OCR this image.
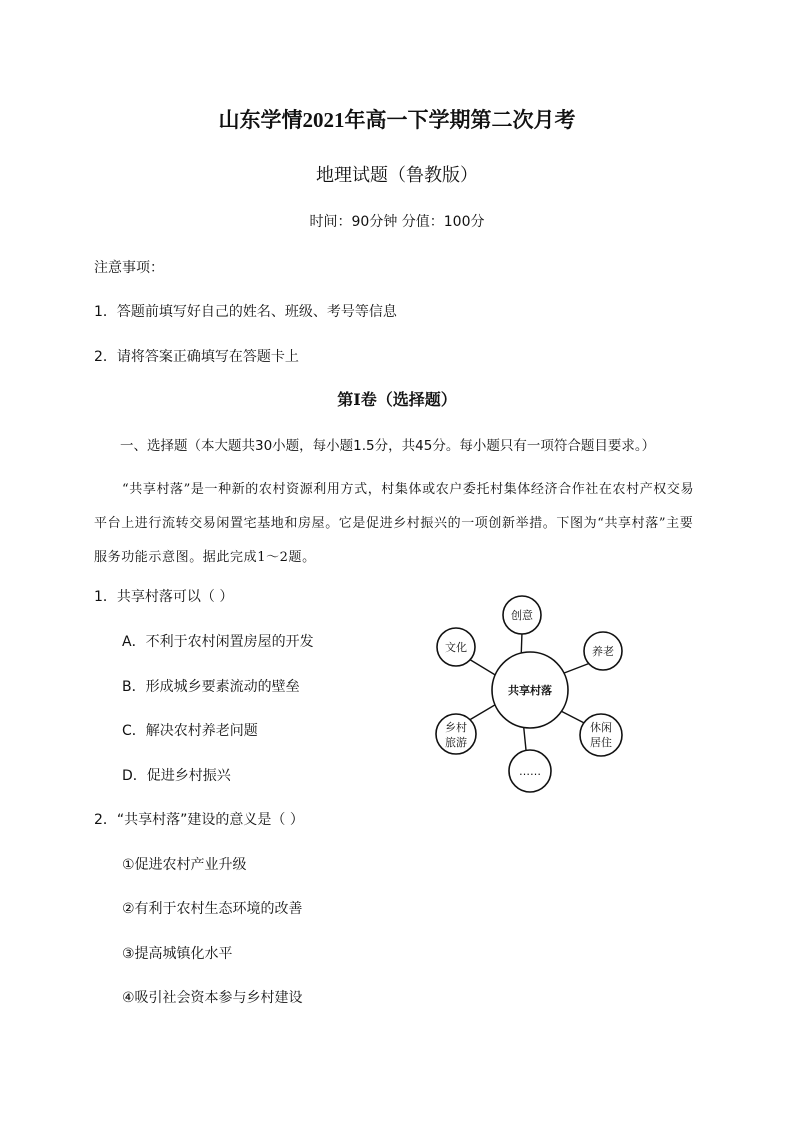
山东学情2021年高一下学期第二次月考
地理试题（鲁教版）
时间：90分钟 分值：100分
注意事项：
1．答题前填写好自己的姓名、班级、考号等信息
2．请将答案正确填写在答题卡上
第I卷（选择题）
一、选择题（本大题共30小题，每小题1.5分，共45分。每小题只有一项符合题目要求。）
“共享村落”是一种新的农村资源利用方式，村集体或农户委托村集体经济合作社在农村产权交易平台上进行流转交易闲置宅基地和房屋。它是促进乡村振兴的一项创新举措。下图为“共享村落”主要服务功能示意图。据此完成1～2题。
1．共享村落可以（ ）
A．不利于农村闲置房屋的开发
B．形成城乡要素流动的壁垒
C．解决农村养老问题
D．促进乡村振兴
创意
文化	养老
乡村
旅游
休闲
居住
……
共享村落
2．“共享村落”建设的意义是（ ）
①促进农村产业升级
②有利于农村生态环境的改善
③提高城镇化水平
④吸引社会资本参与乡村建设
